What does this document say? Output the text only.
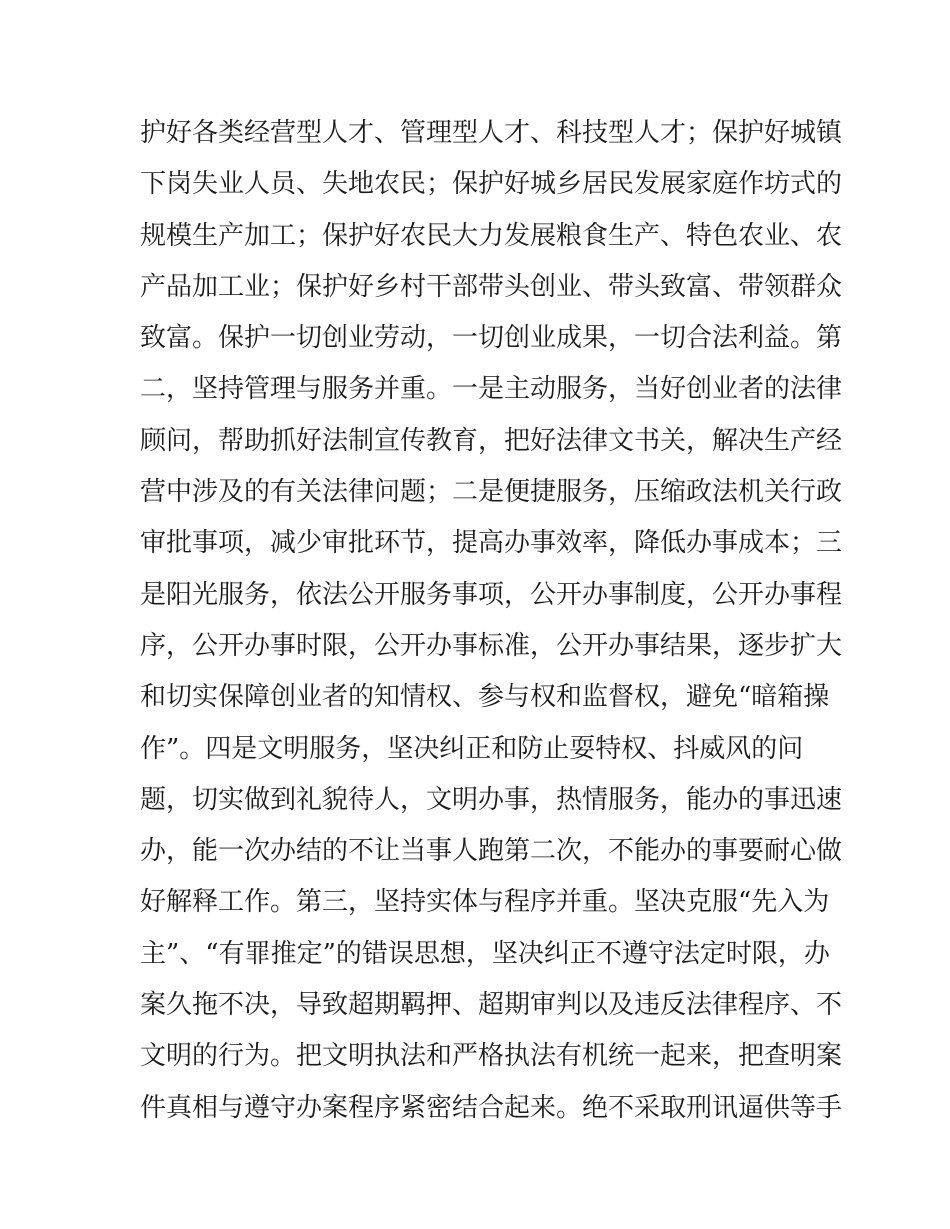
护好各类经营型人才、管理型人才、科技型人才；保护好城镇
下岗失业人员、失地农民；保护好城乡居民发展家庭作坊式的
规模生产加工；保护好农民大力发展粮食生产、特色农业、农
产品加工业；保护好乡村干部带头创业、带头致富、带领群众
致富。保护一切创业劳动，一切创业成果，一切合法利益。第
二，坚持管理与服务并重。一是主动服务，当好创业者的法律
顾问，帮助抓好法制宣传教育，把好法律文书关，解决生产经
营中涉及的有关法律问题；二是便捷服务，压缩政法机关行政
审批事项，减少审批环节，提高办事效率，降低办事成本；三
是阳光服务，依法公开服务事项，公开办事制度，公开办事程
序，公开办事时限，公开办事标准，公开办事结果，逐步扩大
和切实保障创业者的知情权、参与权和监督权，避免“暗箱操
作”。四是文明服务，坚决纠正和防止耍特权、抖威风的问
题，切实做到礼貌待人，文明办事，热情服务，能办的事迅速
办，能一次办结的不让当事人跑第二次，不能办的事要耐心做
好解释工作。第三，坚持实体与程序并重。坚决克服“先入为
主”、“有罪推定”的错误思想，坚决纠正不遵守法定时限，办
案久拖不决，导致超期羁押、超期审判以及违反法律程序、不
文明的行为。把文明执法和严格执法有机统一起来，把查明案
件真相与遵守办案程序紧密结合起来。绝不采取刑讯逼供等手
